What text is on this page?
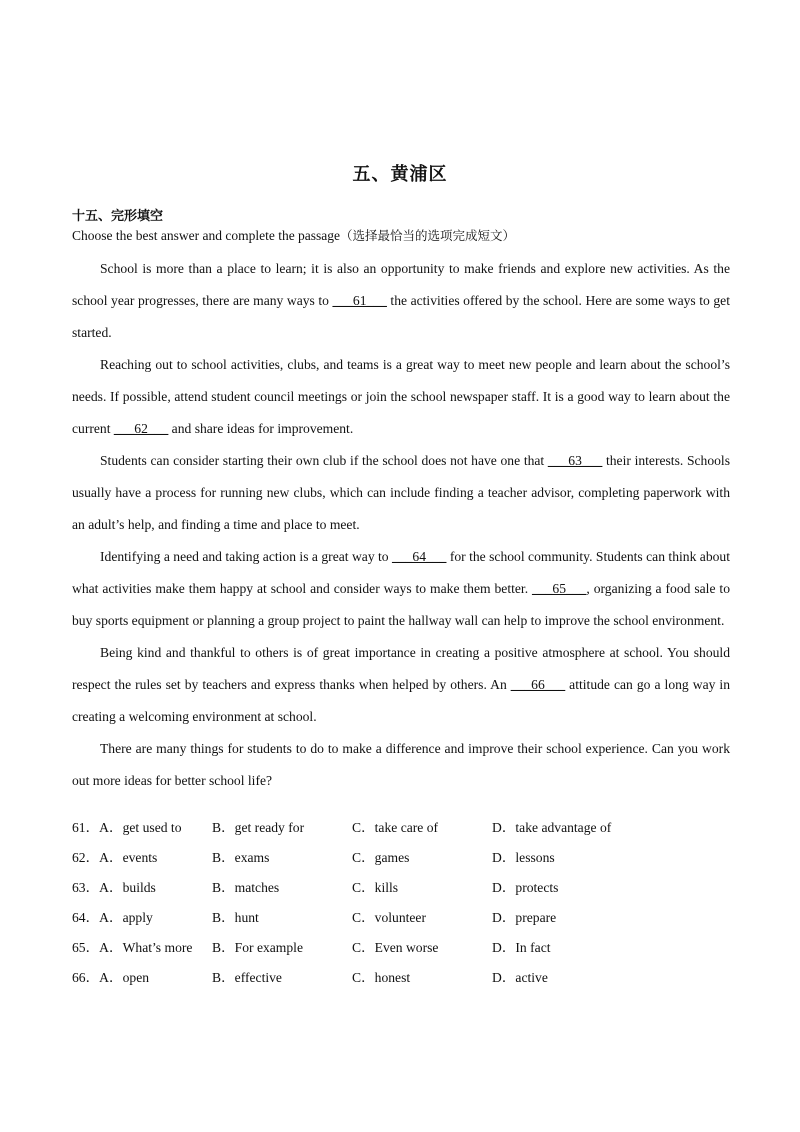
五、黄浦区
十五、完形填空
Choose the best answer and complete the passage（选择最恰当的选项完成短文）

School is more than a place to learn; it is also an opportunity to make friends and explore new activities. As the school year progresses, there are many ways to ___61___ the activities offered by the school. Here are some ways to get started.

Reaching out to school activities, clubs, and teams is a great way to meet new people and learn about the school’s needs. If possible, attend student council meetings or join the school newspaper staff. It is a good way to learn about the current ___62___ and share ideas for improvement.

Students can consider starting their own club if the school does not have one that ___63___ their interests. Schools usually have a process for running new clubs, which can include finding a teacher advisor, completing paperwork with an adult’s help, and finding a time and place to meet.

Identifying a need and taking action is a great way to ___64___ for the school community. Students can think about what activities make them happy at school and consider ways to make them better. ___65___, organizing a food sale to buy sports equipment or planning a group project to paint the hallway wall can help to improve the school environment.

Being kind and thankful to others is of great importance in creating a positive atmosphere at school. You should respect the rules set by teachers and express thanks when helped by others. An ___66___ attitude can go a long way in creating a welcoming environment at school.

There are many things for students to do to make a difference and improve their school experience. Can you work out more ideas for better school life?

61．A．get used to B．get ready for	C．take care of	D．take advantage of
62．A．events	B．exams	C．games	D．lessons
63．A．builds	B．matches	C．kills	D．protects
64．A．apply	B．hunt	C．volunteer	D．prepare
65．A．What’s more B．For example	C．Even worse	D．In fact
66．A．open	B．effective	C．honest	D．active
